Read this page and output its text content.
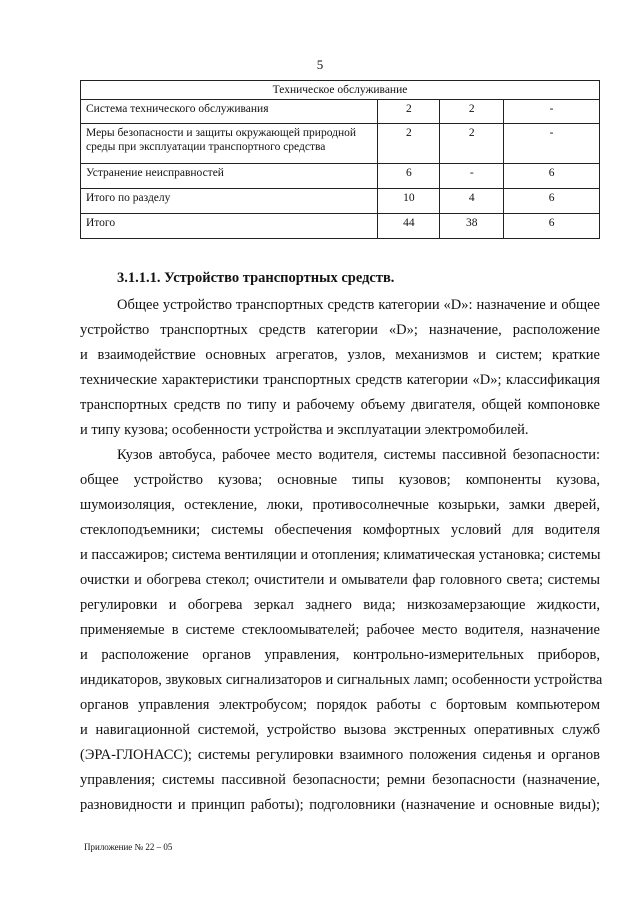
5
Техническое обслуживание			
Система технического обслуживания	2	2	-
Меры безопасности и защиты окружающей природной среды при эксплуатации транспортного средства	2	2	-
Устранение неисправностей	6	-	6
Итого по разделу	10	4	6
Итого	44	38	6
3.1.1.1. Устройство транспортных средств.
Общее устройство транспортных средств категории «D»: назначение и общее
устройство транспортных средств категории «D»; назначение, расположение
и взаимодействие основных агрегатов, узлов, механизмов и систем; краткие
технические характеристики транспортных средств категории «D»; классификация
транспортных средств по типу и рабочему объему двигателя, общей компоновке
и типу кузова; особенности устройства и эксплуатации электромобилей.
Кузов автобуса, рабочее место водителя, системы пассивной безопасности:
общее устройство кузова; основные типы кузовов; компоненты кузова,
шумоизоляция, остекление, люки, противосолнечные козырьки, замки дверей,
стеклоподъемники; системы обеспечения комфортных условий для водителя
и пассажиров; система вентиляции и отопления; климатическая установка; системы
очистки и обогрева стекол; очистители и омыватели фар головного света; системы
регулировки и обогрева зеркал заднего вида; низкозамерзающие жидкости,
применяемые в системе стеклоомывателей; рабочее место водителя, назначение
и расположение органов управления, контрольно-измерительных приборов,
индикаторов, звуковых сигнализаторов и сигнальных ламп; особенности устройства
органов управления электробусом; порядок работы с бортовым компьютером
и навигационной системой, устройство вызова экстренных оперативных служб
(ЭРА-ГЛОНАСС); системы регулировки взаимного положения сиденья и органов
управления; системы пассивной безопасности; ремни безопасности (назначение,
разновидности и принцип работы); подголовники (назначение и основные виды);
Приложение № 22 – 05
